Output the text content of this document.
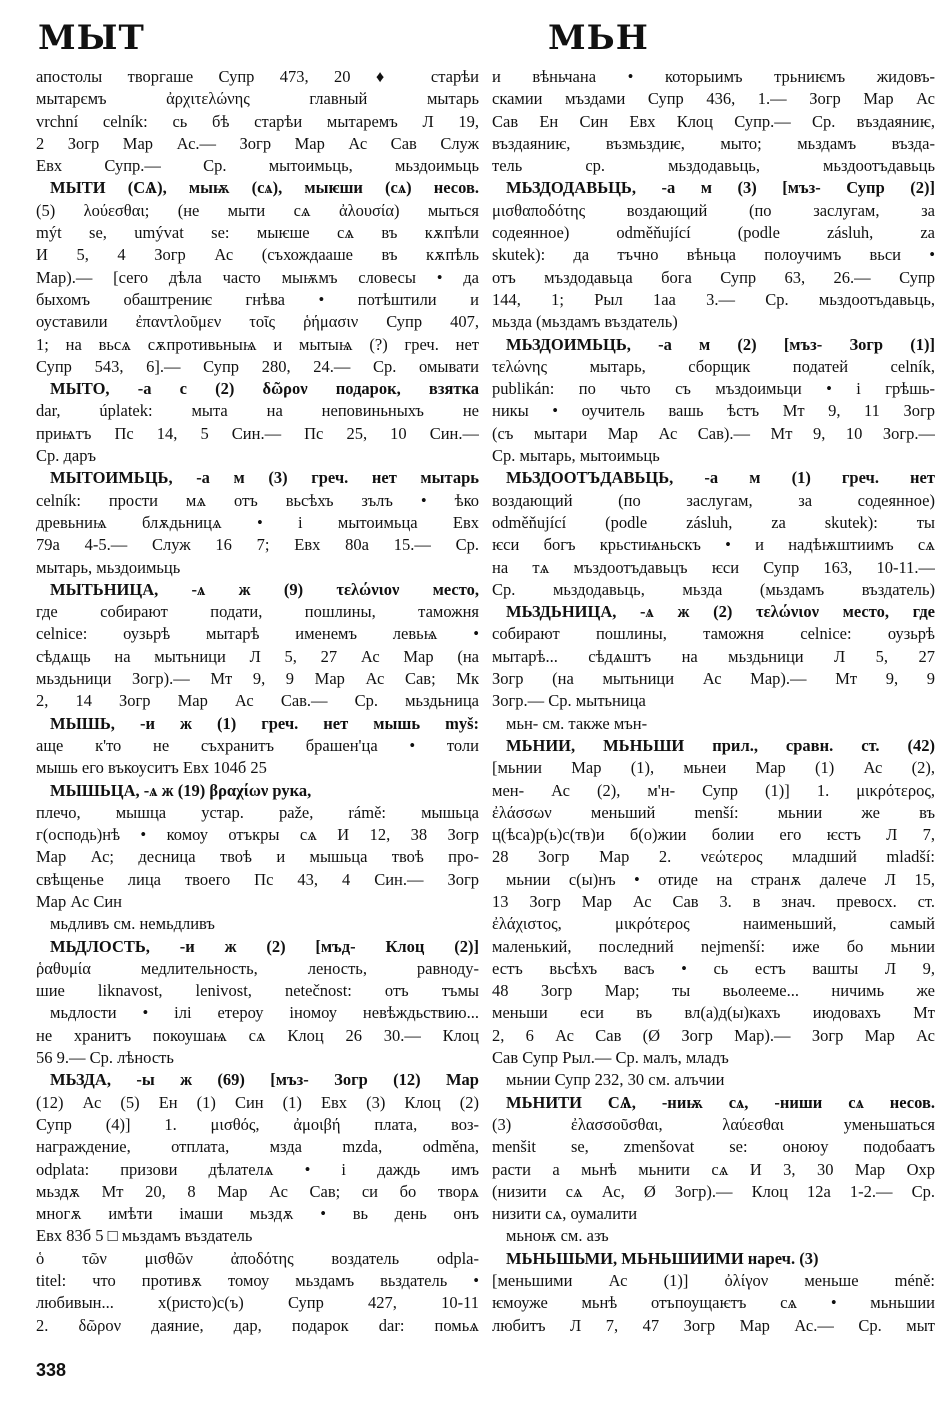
МЫТ	МЬН
апостолы творгаше Супр 473, 20 ♦ старѣи
мытарємъ ἀρχιτελώνης главный мытарь
vrchní celník: сь бѣ старѣи мытаремъ Л 19,
2 Зогр Мар Ас.— Зогр Мар Ас Сав Служ
Евх Супр.— Ср. мытоимьць, мьздоимьць
МЫТИ (СѦ), мыѭ (сѧ), мыѥши (сѧ) несов.
(5) λούεσθαι; (не мыти сѧ ἀλουσία) мыться
mýt se, umývat se: мыѥше сѧ въ кѫпѣли
И 5, 4 Зогр Ас (съхождааше въ кѫпѣль
Мар).— [сего дѣла часто мыѭмъ словесы • да
быхомъ обаштрениѥ гнѣва • потѣштили и
оуставили ἐπαντλοῦμεν τοῖς ῥήμασιν Супр 407,
1; на вьсѧ сѫпротивьныѩ и мытыѩ (?) греч. нет
Супр 543, 6].— Супр 280, 24.— Ср. омывати
МЫТО, -а с (2) δῶρον подарок, взятка
dar, úplatek: мыта на неповиньныхъ не
приѩтъ Пс 14, 5 Син.— Пс 25, 10 Син.—
Ср. даръ
МЫТОИМЬЦЬ, -а м (3) греч. нет мытарь
celník: прости мѧ отъ вьсѣхъ зълъ • ѣко
древьниѩ блѫдьницѧ • і мытоимьца Евх
79а 4-5.— Служ 16 7; Евх 80а 15.— Ср.
мытарь, мьздоимьць
МЫТЬНИЦА, -ѧ ж (9) τελώνιον место,
где собирают подати, пошлины, таможня
celnice: оузьрѣ мытарѣ именемъ левьѩ •
сѣдѧщь на мытьници Л 5, 27 Ас Мар (на
мьздьници Зогр).— Мт 9, 9 Мар Ас Сав; Мк
2, 14 Зогр Мар Ас Сав.— Ср. мьздьница
МЫШЬ, -и ж (1) греч. нет мышь myš:
аще к'то не съхранитъ брашен'ца • толи
мышь его въкоуситъ Евх 104б 25
МЫШЬЦА, -ѧ ж (19) βραχίων рука,
плечо, мышца устар. paže, rámě: мышьца
г(осподь)нѣ • комоу отъкры сѧ И 12, 38 Зогр
Мар Ас; десница твоѣ и мышьца твоѣ про-
свѣщенье лица твоего Пс 43, 4 Син.— Зогр
Мар Ас Син
мьдливъ см. немьдливъ
МЬДЛОСТЬ, -и ж (2) [мъд- Клоц (2)]
ῥαθυμία медлительность, леность, равноду-
шие liknavost, lenivost, netečnost: отъ тъмы
мьдлости • ілі етероу іномоу невѣждьствию...
не хранитъ покоушаѩ сѧ Клоц 26 30.— Клоц
56 9.— Ср. лѣность
МЬЗДА, -ы ж (69) [мъз- Зогр (12) Мар
(12) Ас (5) Ен (1) Син (1) Евх (3) Клоц (2)
Супр (4)] 1. μισθός, ἀμοιβή плата, воз-
награждение, отплата, мзда mzda, odměna,
odplata: призови дѣлателѧ • і даждь имъ
мьздѫ Мт 20, 8 Мар Ас Сав; си бо творѧ
многѫ имѣти імаши мьздѫ • вь день онъ
Евх 83б 5 □ мьздамъ въздатель
ὁ τῶν μισθῶν ἀποδότης воздатель odpla-
titel: что противѫ томоу мьздамъ вьздатель •
любивын... х(ристо)с(ъ) Супр 427, 10-11
2. δῶρον даяние, дар, подарок dar: помьѧ
и вѣньчана • которыимъ трьниѥмъ жидовъ-
скамии мъздами Супр 436, 1.— Зогр Мар Ас
Сав Ен Син Евх Клоц Супр.— Ср. въздаяниѥ,
въздаяниѥ, възмьздиѥ, мыто; мьздамъ възда-
тель ср. мьздодавьць, мьздоотъдавьць
МЬЗДОДАВЬЦЬ, -а м (3) [мъз- Супр (2)]
μισθαποδότης воздающий (по заслугам, за
содеянное) odměňující (podle zásluh, za
skutek): да тъчно вѣньца полоучимъ вьси •
отъ мъздодавьца бога Супр 63, 26.— Супр
144, 1; Рыл 1аа 3.— Ср. мьздоотъдавьць,
мьзда (мьздамъ въздатель)
МЬЗДОИМЬЦЬ, -а м (2) [мъз- Зогр (1)]
τελώνης мытарь, сборщик податей celník,
publikán: по чьто съ мъздоимьци • і грѣшь-
никы • оучитель вашь ѣстъ Мт 9, 11 Зогр
(съ мытари Мар Ас Сав).— Мт 9, 10 Зогр.—
Ср. мытарь, мытоимьць
МЬЗДООТЪДАВЬЦЬ, -а м (1) греч. нет
воздающий (по заслугам, за содеянное)
odměňující (podle zásluh, za skutek): ты
ѥси богъ крьстиѩньскъ • и надѣѭштиимъ сѧ
на тѧ мъздоотъдавьцъ ѥси Супр 163, 10-11.—
Ср. мьздодавьць, мьзда (мьздамъ въздатель)
МЬЗДЬНИЦА, -ѧ ж (2) τελώνιον место, где
собирают пошлины, таможня celnice: оузьрѣ
мытарѣ... сѣдѧштъ на мьздьници Л 5, 27
Зогр (на мытьници Ас Мар).— Мт 9, 9
Зогр.— Ср. мытьница
мьн- см. также мън-
МЬНИИ, МЬНЬШИ прил., сравн. ст. (42)
[мьнии Мар (1), мьнеи Мар (1) Ас (2),
мен- Ас (2), м'н- Супр (1)] 1. μικρότερος,
ἐλάσσων меньший menší: мьнии же въ
ц(ѣса)р(ь)с(тв)и б(о)жии болии его ѥстъ Л 7,
28 Зогр Мар 2. νεώτερος младший mladší:
мьнии с(ы)нъ • отиде на странѫ далече Л 15,
13 Зогр Мар Ас Сав 3. в знач. превосх. ст.
ἐλάχιστος, μικρότερος наименьший, самый
маленький, последний nejmenší: иже бо мьнии
естъ вьсѣхъ васъ • сь естъ вашты Л 9,
48 Зогр Мар; ты вьолееме... ничимь же
меньши еси въ вл(а)д(ы)кахъ июдовахъ Мт
2, 6 Ас Сав (Ø Зогр Мар).— Зогр Мар Ас
Сав Супр Рыл.— Ср. малъ, младъ
мьнии Супр 232, 30 см. алъчии
МЬНИТИ СѦ, -ниѭ сѧ, -ниши сѧ несов.
(3) ἐλασσοῦσθαι, λαύεσθαι уменьшаться
menšit se, zmenšovat se: оноюу подобаатъ
расти а мьнѣ мьнити сѧ И 3, 30 Мар Охр
(низити сѧ Ас, Ø Зогр).— Клоц 12а 1-2.— Ср.
низити сѧ, оумалити
мьноѭ см. азъ
МЬНЬШЬМИ, МЬНЬШИИМИ нареч. (3)
[меньшими Ас (1)] ὀλίγον меньше méně:
ѥмоуже мьнѣ отъпоущаѥтъ сѧ • мьньшии
любитъ Л 7, 47 Зогр Мар Ас.— Ср. мыт
338
